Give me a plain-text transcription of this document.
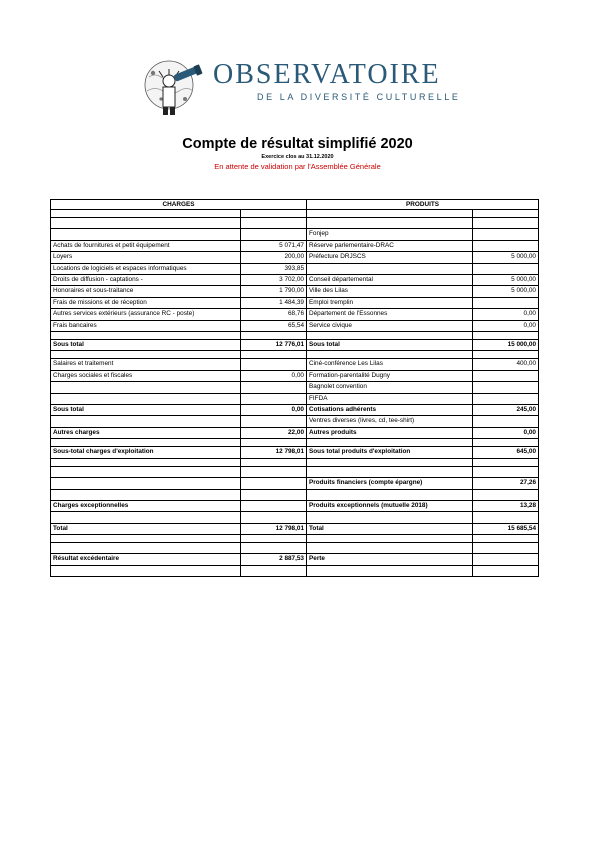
OBSERVATOIRE
DE LA DIVERSITÉ CULTURELLE
Compte de résultat simplifié 2020
Exercice clos au 31.12.2020
En attente de validation par l'Assemblée Générale
CHARGES		PRODUITS	

		Fonjep	
Achats de fournitures et petit équipement	5 071,47	Réserve parlementaire-DRAC	
Loyers	200,00	Préfecture DRJSCS	5 000,00
Locations de logiciels et espaces informatiques	393,85		
Droits de diffusion - captations -	3 702,00	Conseil départemental	5 000,00
Honoraires et sous-traitance	1 790,00	Ville des Lilas	5 000,00
Frais de missions et de réception	1 484,39	Emploi tremplin	
Autres services extérieurs (assurance RC - poste)	68,76	Département de l'Essonnes	0,00
Frais bancaires	65,54	Service civique	0,00

Sous total	12 776,01	Sous total	15 000,00

Salaires et traitement		Ciné-conférence Les Lilas	400,00
Charges sociales et fiscales	0,00	Formation-parentalité Dugny	
		Bagnolet convention	
		FIFDA	
Sous total	0,00	Cotisations adhérents	245,00
		Ventres diverses (livres, cd, tee-shirt)	
Autres charges	22,00	Autres produits	0,00

Sous-total charges d'exploitation	12 798,01	Sous total produits d'exploitation	645,00

		Produits financiers (compte épargne)	27,26

Charges exceptionnelles		Produits exceptionnels (mutuelle 2018)	13,28

Total	12 798,01	Total	15 685,54

Résultat excédentaire	2 887,53	Perte	
